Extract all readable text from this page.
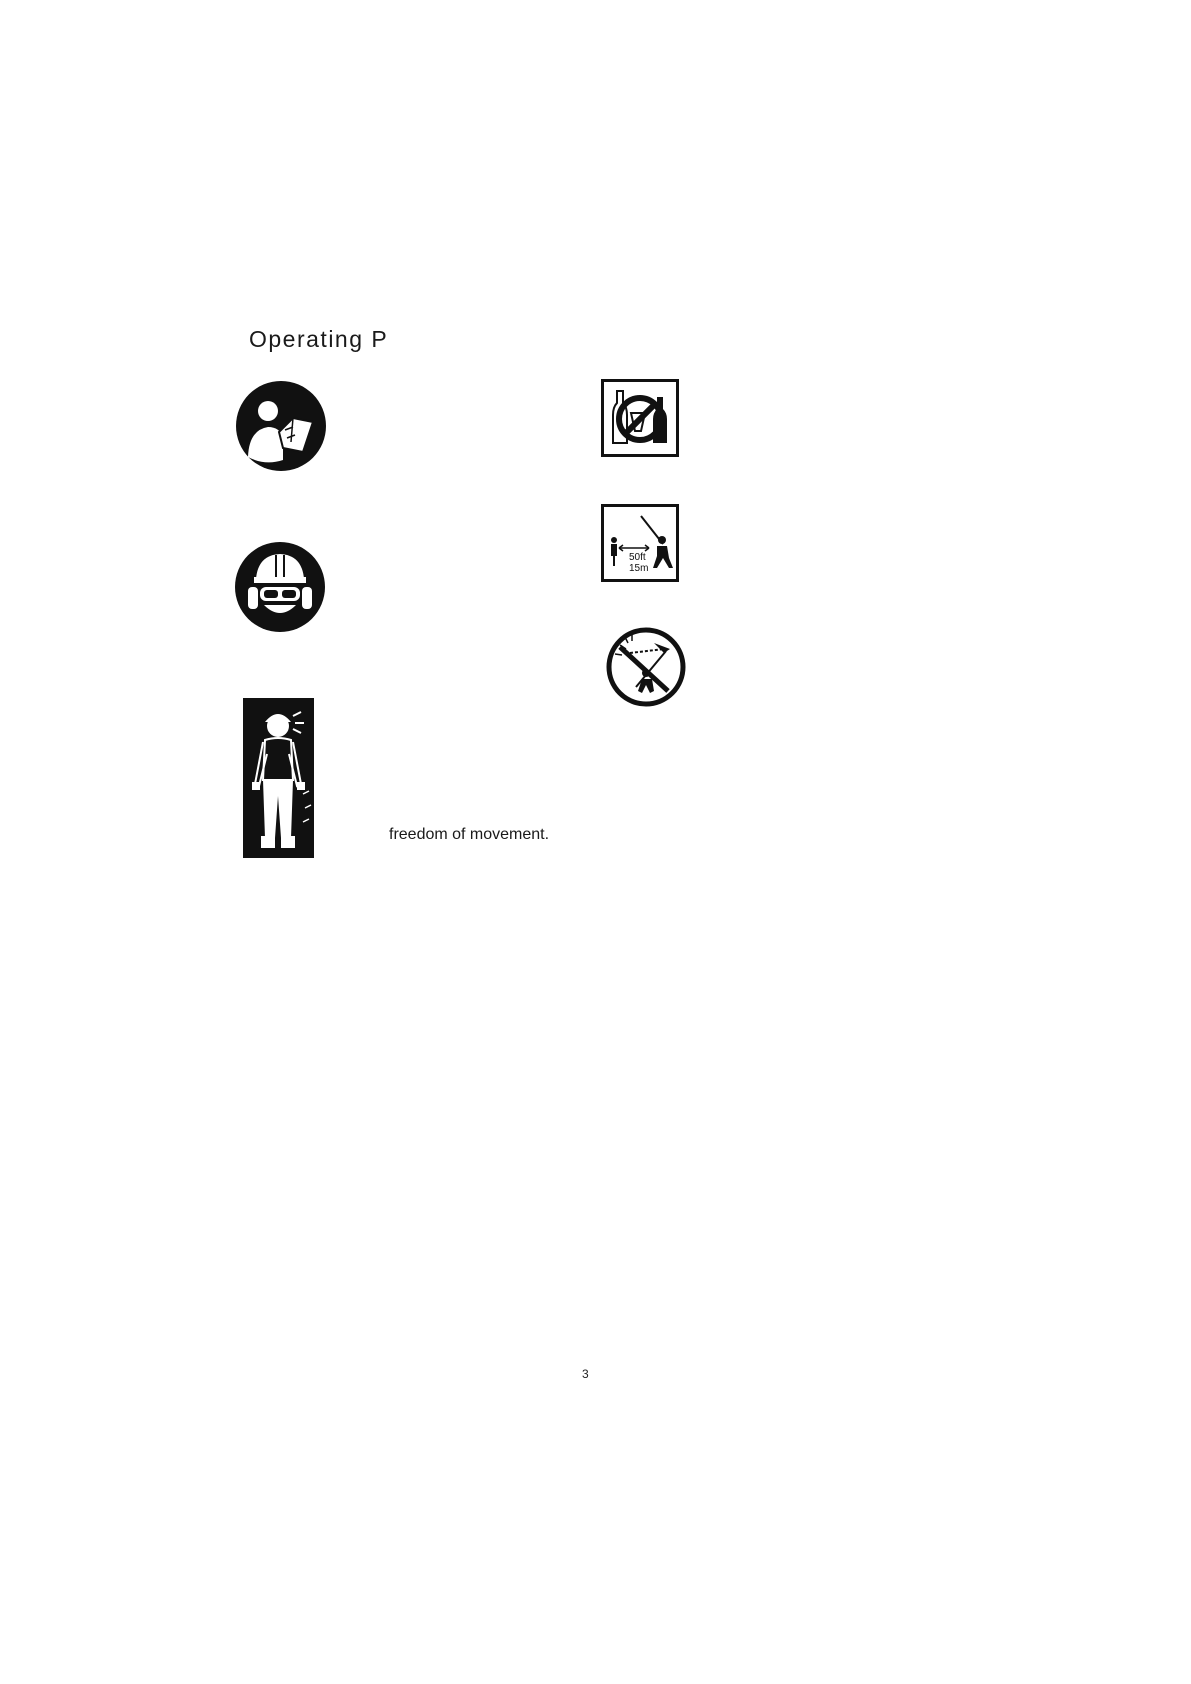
Operating P
freedom of movement.
50ft
15m
3
